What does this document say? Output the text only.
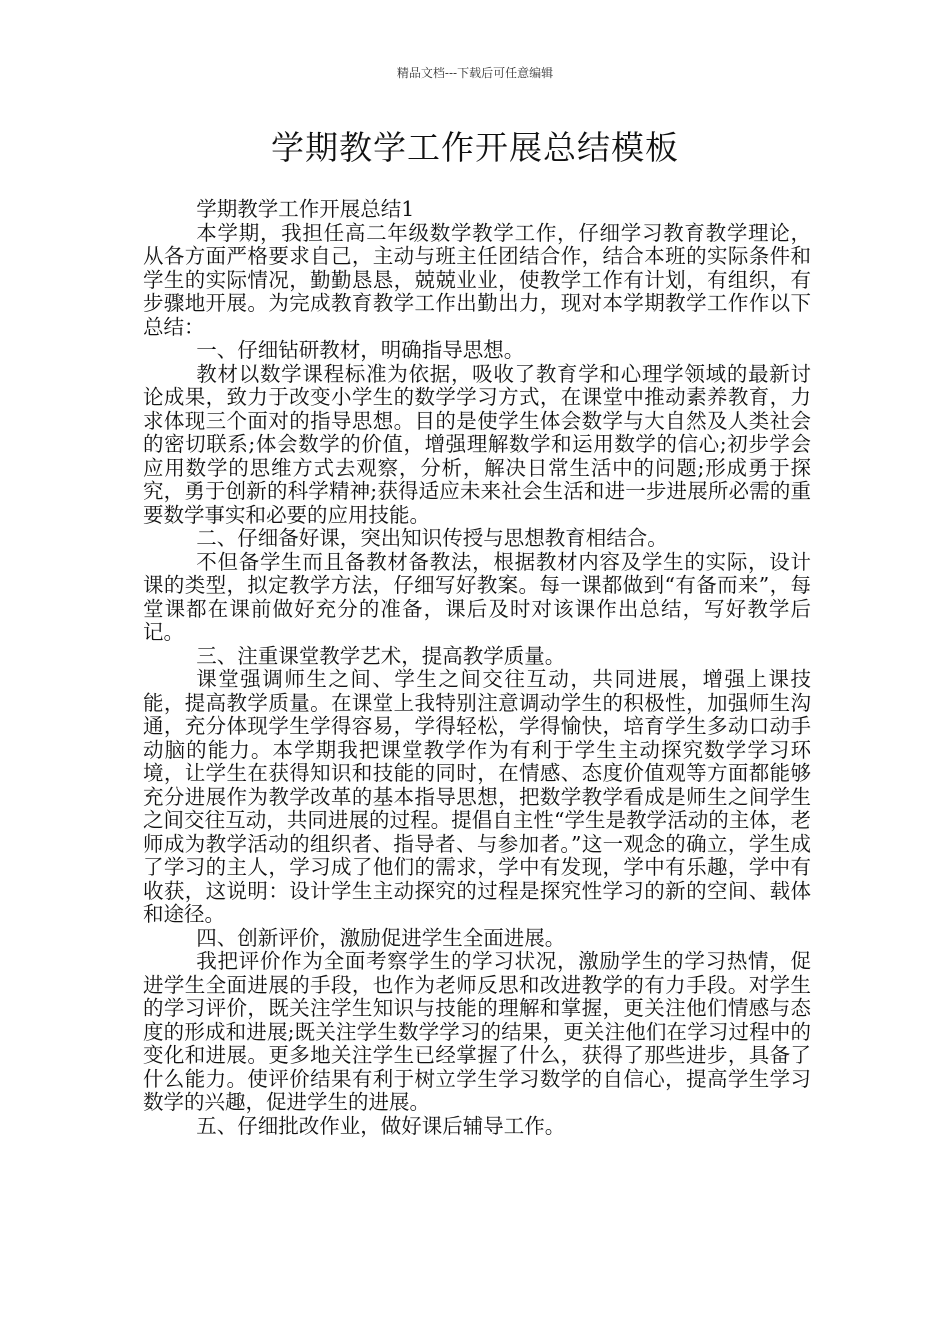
精品文档---下载后可任意编辑
学期教学工作开展总结模板

学期教学工作开展总结1

本学期，我担任高二年级数学教学工作，仔细学习教育教学理论，从各方面严格要求自己，主动与班主任团结合作，结合本班的实际条件和学生的实际情况，勤勤恳恳，兢兢业业，使教学工作有计划，有组织，有步骤地开展。为完成教育教学工作出勤出力，现对本学期教学工作作以下总结：

一、仔细钻研教材，明确指导思想。

教材以数学课程标准为依据，吸收了教育学和心理学领域的最新讨论成果，致力于改变小学生的数学学习方式，在课堂中推动素养教育，力求体现三个面对的指导思想。目的是使学生体会数学与大自然及人类社会的密切联系;体会数学的价值，增强理解数学和运用数学的信心;初步学会应用数学的思维方式去观察，分析，解决日常生活中的问题;形成勇于探究，勇于创新的科学精神;获得适应未来社会生活和进一步进展所必需的重要数学事实和必要的应用技能。

二、仔细备好课，突出知识传授与思想教育相结合。

不但备学生而且备教材备教法，根据教材内容及学生的实际，设计课的类型，拟定教学方法，仔细写好教案。每一课都做到“有备而来”，每堂课都在课前做好充分的准备，课后及时对该课作出总结，写好教学后记。

三、注重课堂教学艺术，提高教学质量。

课堂强调师生之间、学生之间交往互动，共同进展，增强上课技能，提高教学质量。在课堂上我特别注意调动学生的积极性，加强师生沟通，充分体现学生学得容易，学得轻松，学得愉快，培育学生多动口动手动脑的能力。本学期我把课堂教学作为有利于学生主动探究数学学习环境，让学生在获得知识和技能的同时，在情感、态度价值观等方面都能够充分进展作为教学改革的基本指导思想，把数学教学看成是师生之间学生之间交往互动，共同进展的过程。提倡自主性“学生是教学活动的主体，老师成为教学活动的组织者、指导者、与参加者。”这一观念的确立，学生成了学习的主人，学习成了他们的需求，学中有发现，学中有乐趣，学中有收获，这说明：设计学生主动探究的过程是探究性学习的新的空间、载体和途径。

四、创新评价，激励促进学生全面进展。

我把评价作为全面考察学生的学习状况，激励学生的学习热情，促进学生全面进展的手段，也作为老师反思和改进教学的有力手段。对学生的学习评价，既关注学生知识与技能的理解和掌握，更关注他们情感与态度的形成和进展;既关注学生数学学习的结果，更关注他们在学习过程中的变化和进展。更多地关注学生已经掌握了什么，获得了那些进步，具备了什么能力。使评价结果有利于树立学生学习数学的自信心，提高学生学习数学的兴趣，促进学生的进展。

五、仔细批改作业，做好课后辅导工作。
